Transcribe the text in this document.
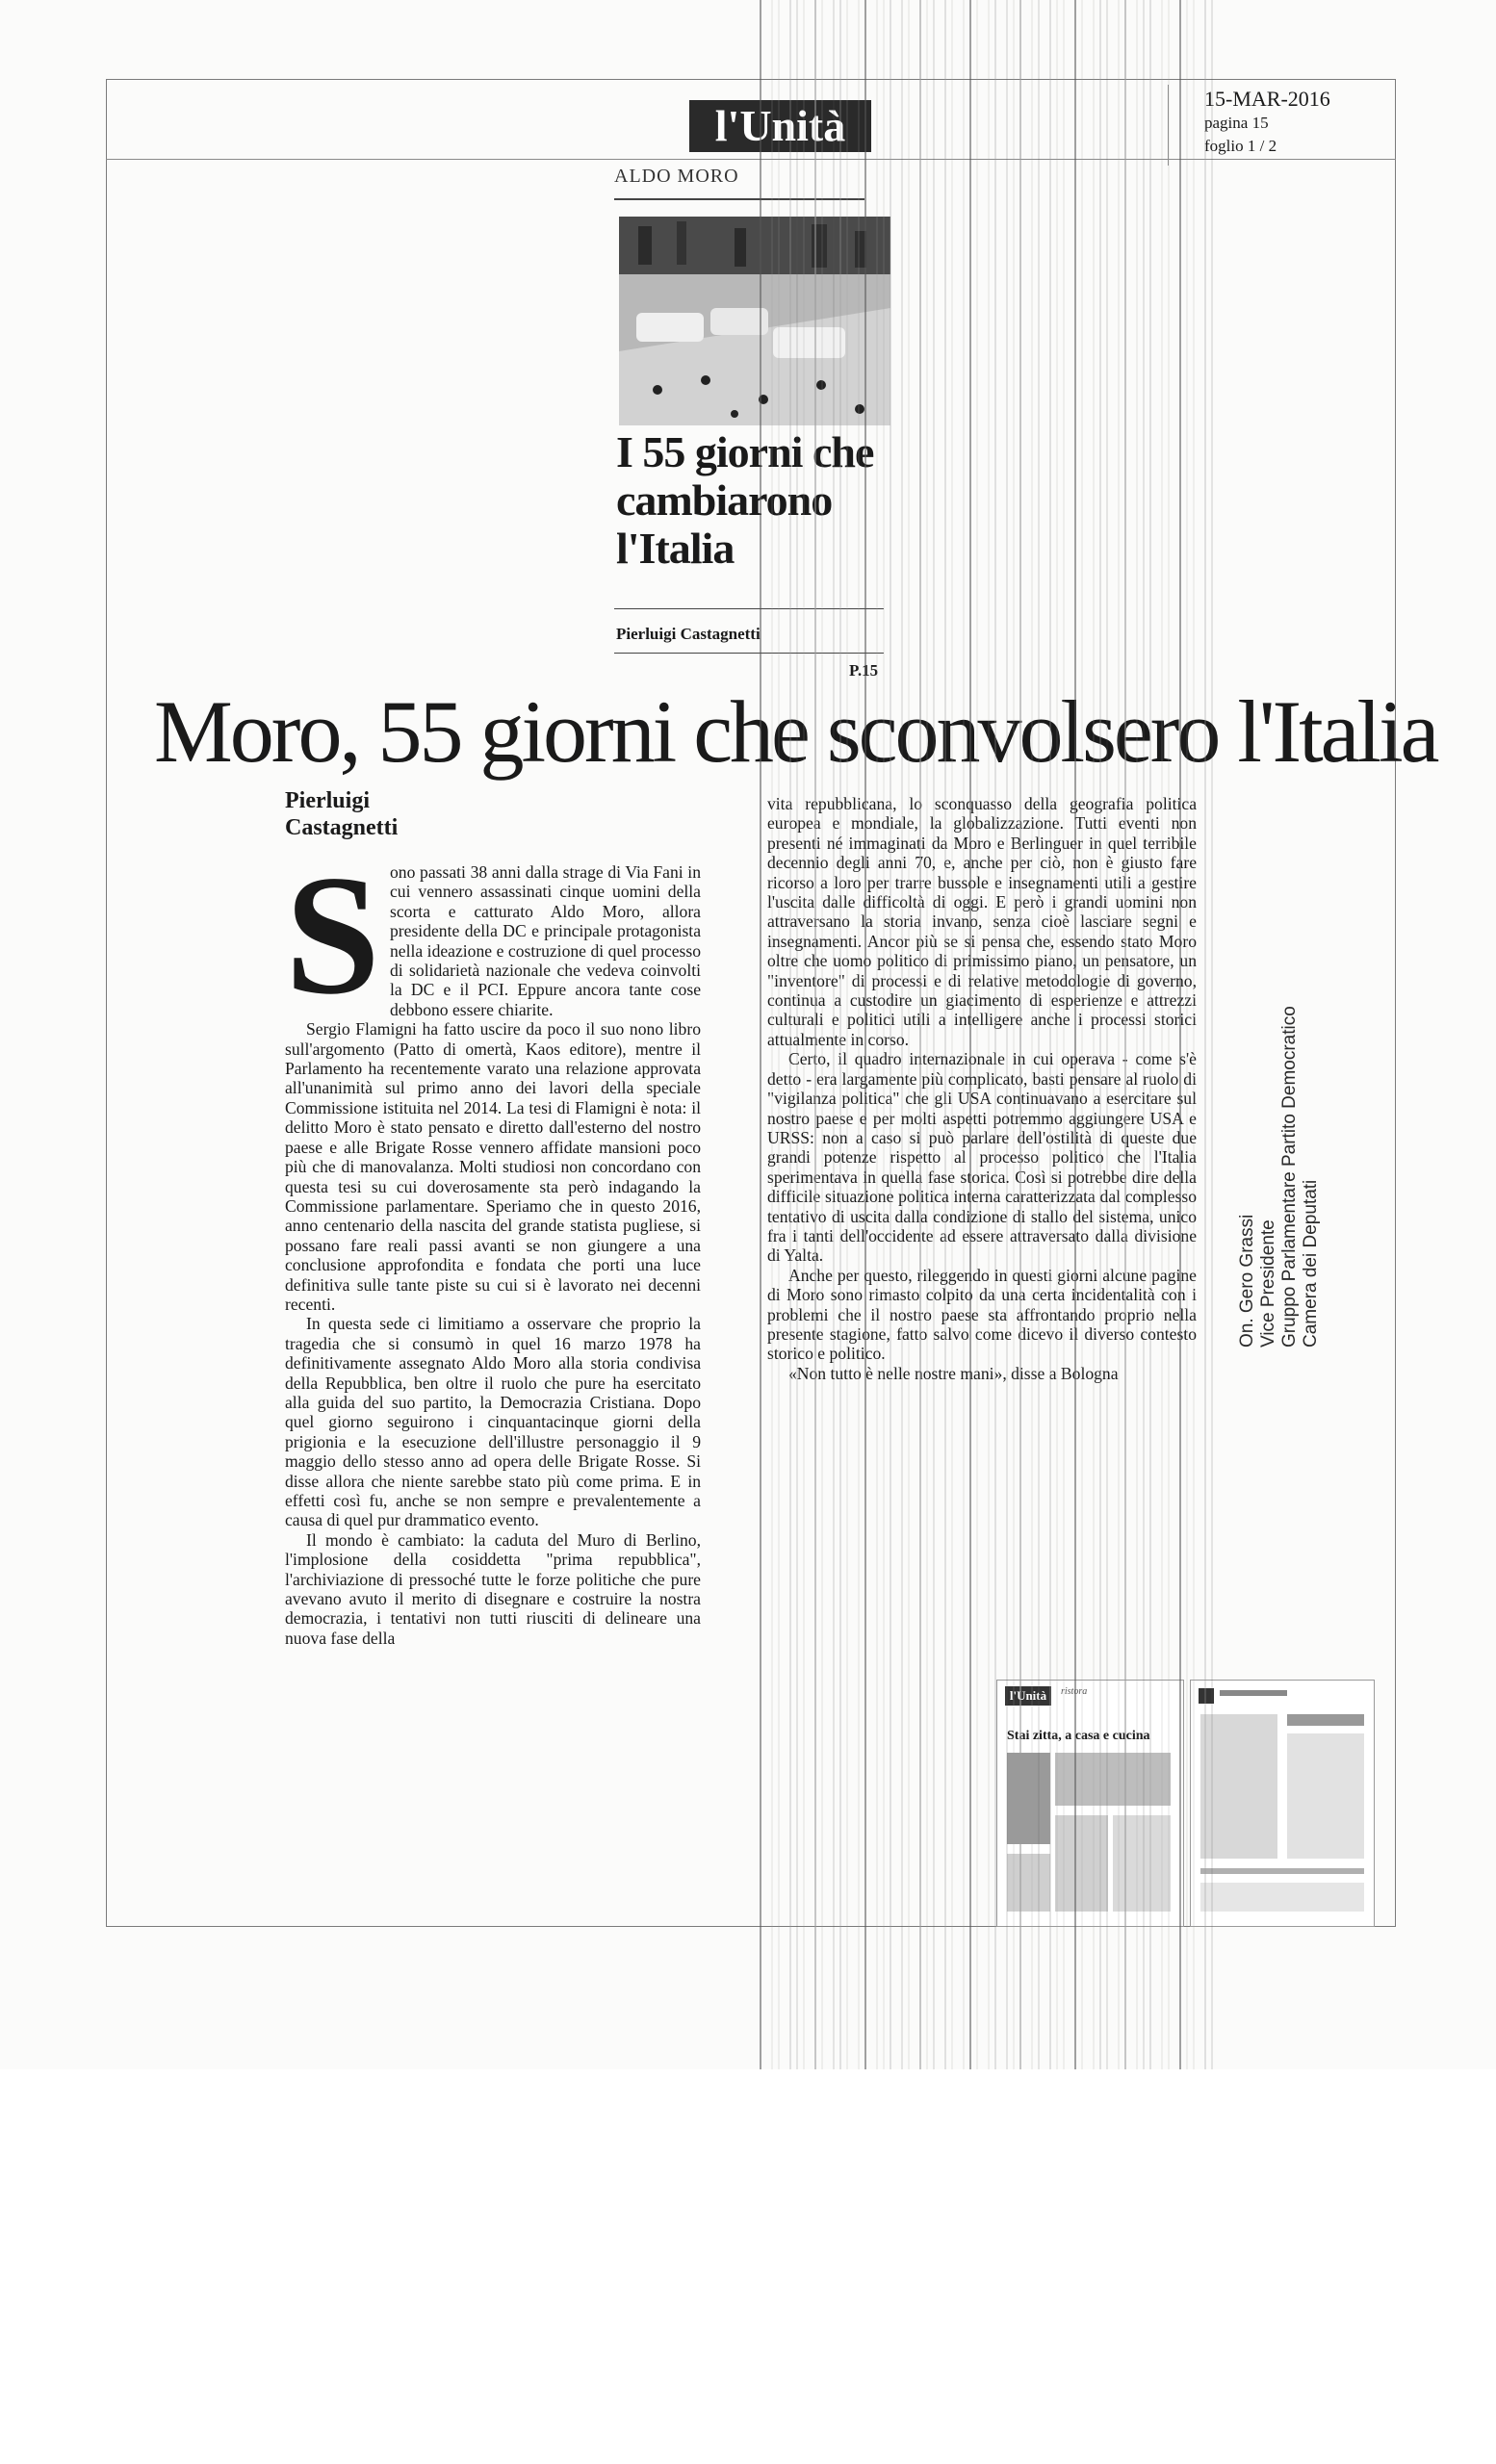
15-MAR-2016
pagina 15
foglio 1 / 2
l'Unità
ALDO MORO
I 55 giorni che
cambiarono
l'Italia
Pierluigi Castagnetti
P.15
Moro, 55 giorni che sconvolsero l'Italia
Pierluigi
Castagnetti
S ono passati 38 anni dalla strage di Via Fani in cui vennero assassinati cinque uomini della scorta e catturato Aldo Moro, allora presidente della DC e principale protagonista nella ideazione e costruzione di quel processo di solidarietà nazionale che vedeva coinvolti la DC e il PCI. Eppure ancora tante cose debbono essere chiarite.

Sergio Flamigni ha fatto uscire da poco il suo nono libro sull'argomento (Patto di omertà, Kaos editore), mentre il Parlamento ha recentemente varato una relazione approvata all'unanimità sul primo anno dei lavori della speciale Commissione istituita nel 2014. La tesi di Flamigni è nota: il delitto Moro è stato pensato e diretto dall'esterno del nostro paese e alle Brigate Rosse vennero affidate mansioni poco più che di manovalanza. Molti studiosi non concordano con questa tesi su cui doverosamente sta però indagando la Commissione parlamentare. Speriamo che in questo 2016, anno centenario della nascita del grande statista pugliese, si possano fare reali passi avanti se non giungere a una conclusione approfondita e fondata che porti una luce definitiva sulle tante piste su cui si è lavorato nei decenni recenti.

In questa sede ci limitiamo a osservare che proprio la tragedia che si consumò in quel 16 marzo 1978 ha definitivamente assegnato Aldo Moro alla storia condivisa della Repubblica, ben oltre il ruolo che pure ha esercitato alla guida del suo partito, la Democrazia Cristiana. Dopo quel giorno seguirono i cinquantacinque giorni della prigionia e la esecuzione dell'illustre personaggio il 9 maggio dello stesso anno ad opera delle Brigate Rosse. Si disse allora che niente sarebbe stato più come prima. E in effetti così fu, anche se non sempre e prevalentemente a causa di quel pur drammatico evento.

Il mondo è cambiato: la caduta del Muro di Berlino, l'implosione della cosiddetta "prima repubblica", l'archiviazione di pressoché tutte le forze politiche che pure avevano avuto il merito di disegnare e costruire la nostra democrazia, i tentativi non tutti riusciti di delineare una nuova fase della

vita repubblicana, lo sconquasso della geografia politica europea e mondiale, la globalizzazione. Tutti eventi non presenti né immaginati da Moro e Berlinguer in quel terribile decennio degli anni 70, e, anche per ciò, non è giusto fare ricorso a loro per trarre bussole e insegnamenti utili a gestire l'uscita dalle difficoltà di oggi. E però i grandi uomini non attraversano la storia invano, senza cioè lasciare segni e insegnamenti. Ancor più se si pensa che, essendo stato Moro oltre che uomo politico di primissimo piano, un pensatore, un "inventore" di processi e di relative metodologie di governo, continua a custodire un giacimento di esperienze e attrezzi culturali e politici utili a intelligere anche i processi storici attualmente in corso.

Certo, il quadro internazionale in cui operava - come s'è detto - era largamente più complicato, basti pensare al ruolo di "vigilanza politica" che gli USA continuavano a esercitare sul nostro paese e per molti aspetti potremmo aggiungere USA e URSS: non a caso si può parlare dell'ostilità di queste due grandi potenze rispetto al processo politico che l'Italia sperimentava in quella fase storica. Così si potrebbe dire della difficile situazione politica interna caratterizzata dal complesso tentativo di uscita dalla condizione di stallo del sistema, unico fra i tanti dell'occidente ad essere attraversato dalla divisione di Yalta.

Anche per questo, rileggendo in questi giorni alcune pagine di Moro sono rimasto colpito da una certa incidentalità con i problemi che il nostro paese sta affrontando proprio nella presente stagione, fatto salvo come dicevo il diverso contesto storico e politico.

«Non tutto è nelle nostre mani», disse a Bologna

On. Gero Grassi Vice Presidente Gruppo Parlamentare Partito Democratico Camera dei Deputati
l'Unità	ristora
Stai zitta, a casa e cucina
